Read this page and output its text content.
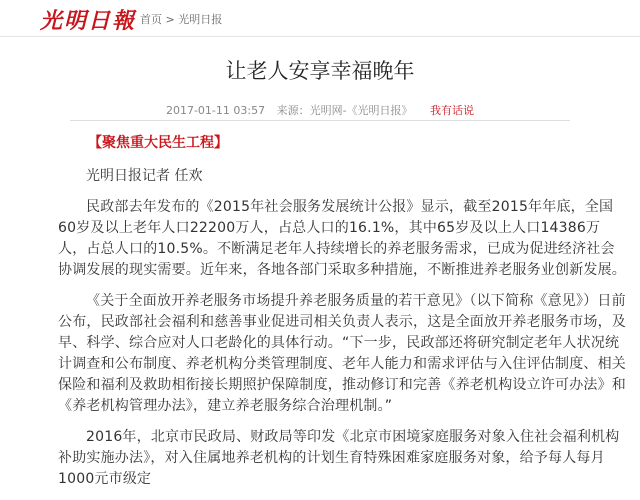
光明日報 首页 > 光明日报
让老人安享幸福晚年
2017-01-11 03:57 来源：光明网-《光明日报》 我有话说
【聚焦重大民生工程】
光明日报记者 任欢

民政部去年发布的《2015年社会服务发展统计公报》显示，截至2015年年底，全国60岁及以上老年人口22200万人，占总人口的16.1%，其中65岁及以上人口14386万人，占总人口的10.5%。不断满足老年人持续增长的养老服务需求，已成为促进经济社会协调发展的现实需要。近年来，各地各部门采取多种措施，不断推进养老服务业创新发展。

《关于全面放开养老服务市场提升养老服务质量的若干意见》（以下简称《意见》）日前公布，民政部社会福利和慈善事业促进司相关负责人表示，这是全面放开养老服务市场，及早、科学、综合应对人口老龄化的具体行动。“下一步，民政部还将研究制定老年人状况统计调查和公布制度、养老机构分类管理制度、老年人能力和需求评估与入住评估制度、相关保险和福利及救助相衔接长期照护保障制度，推动修订和完善《养老机构设立许可办法》和《养老机构管理办法》，建立养老服务综合治理机制。”

2016年，北京市民政局、财政局等印发《北京市困境家庭服务对象入住社会福利机构补助实施办法》，对入住属地养老机构的计划生育特殊困难家庭服务对象，给予每人每月1000元市级定
